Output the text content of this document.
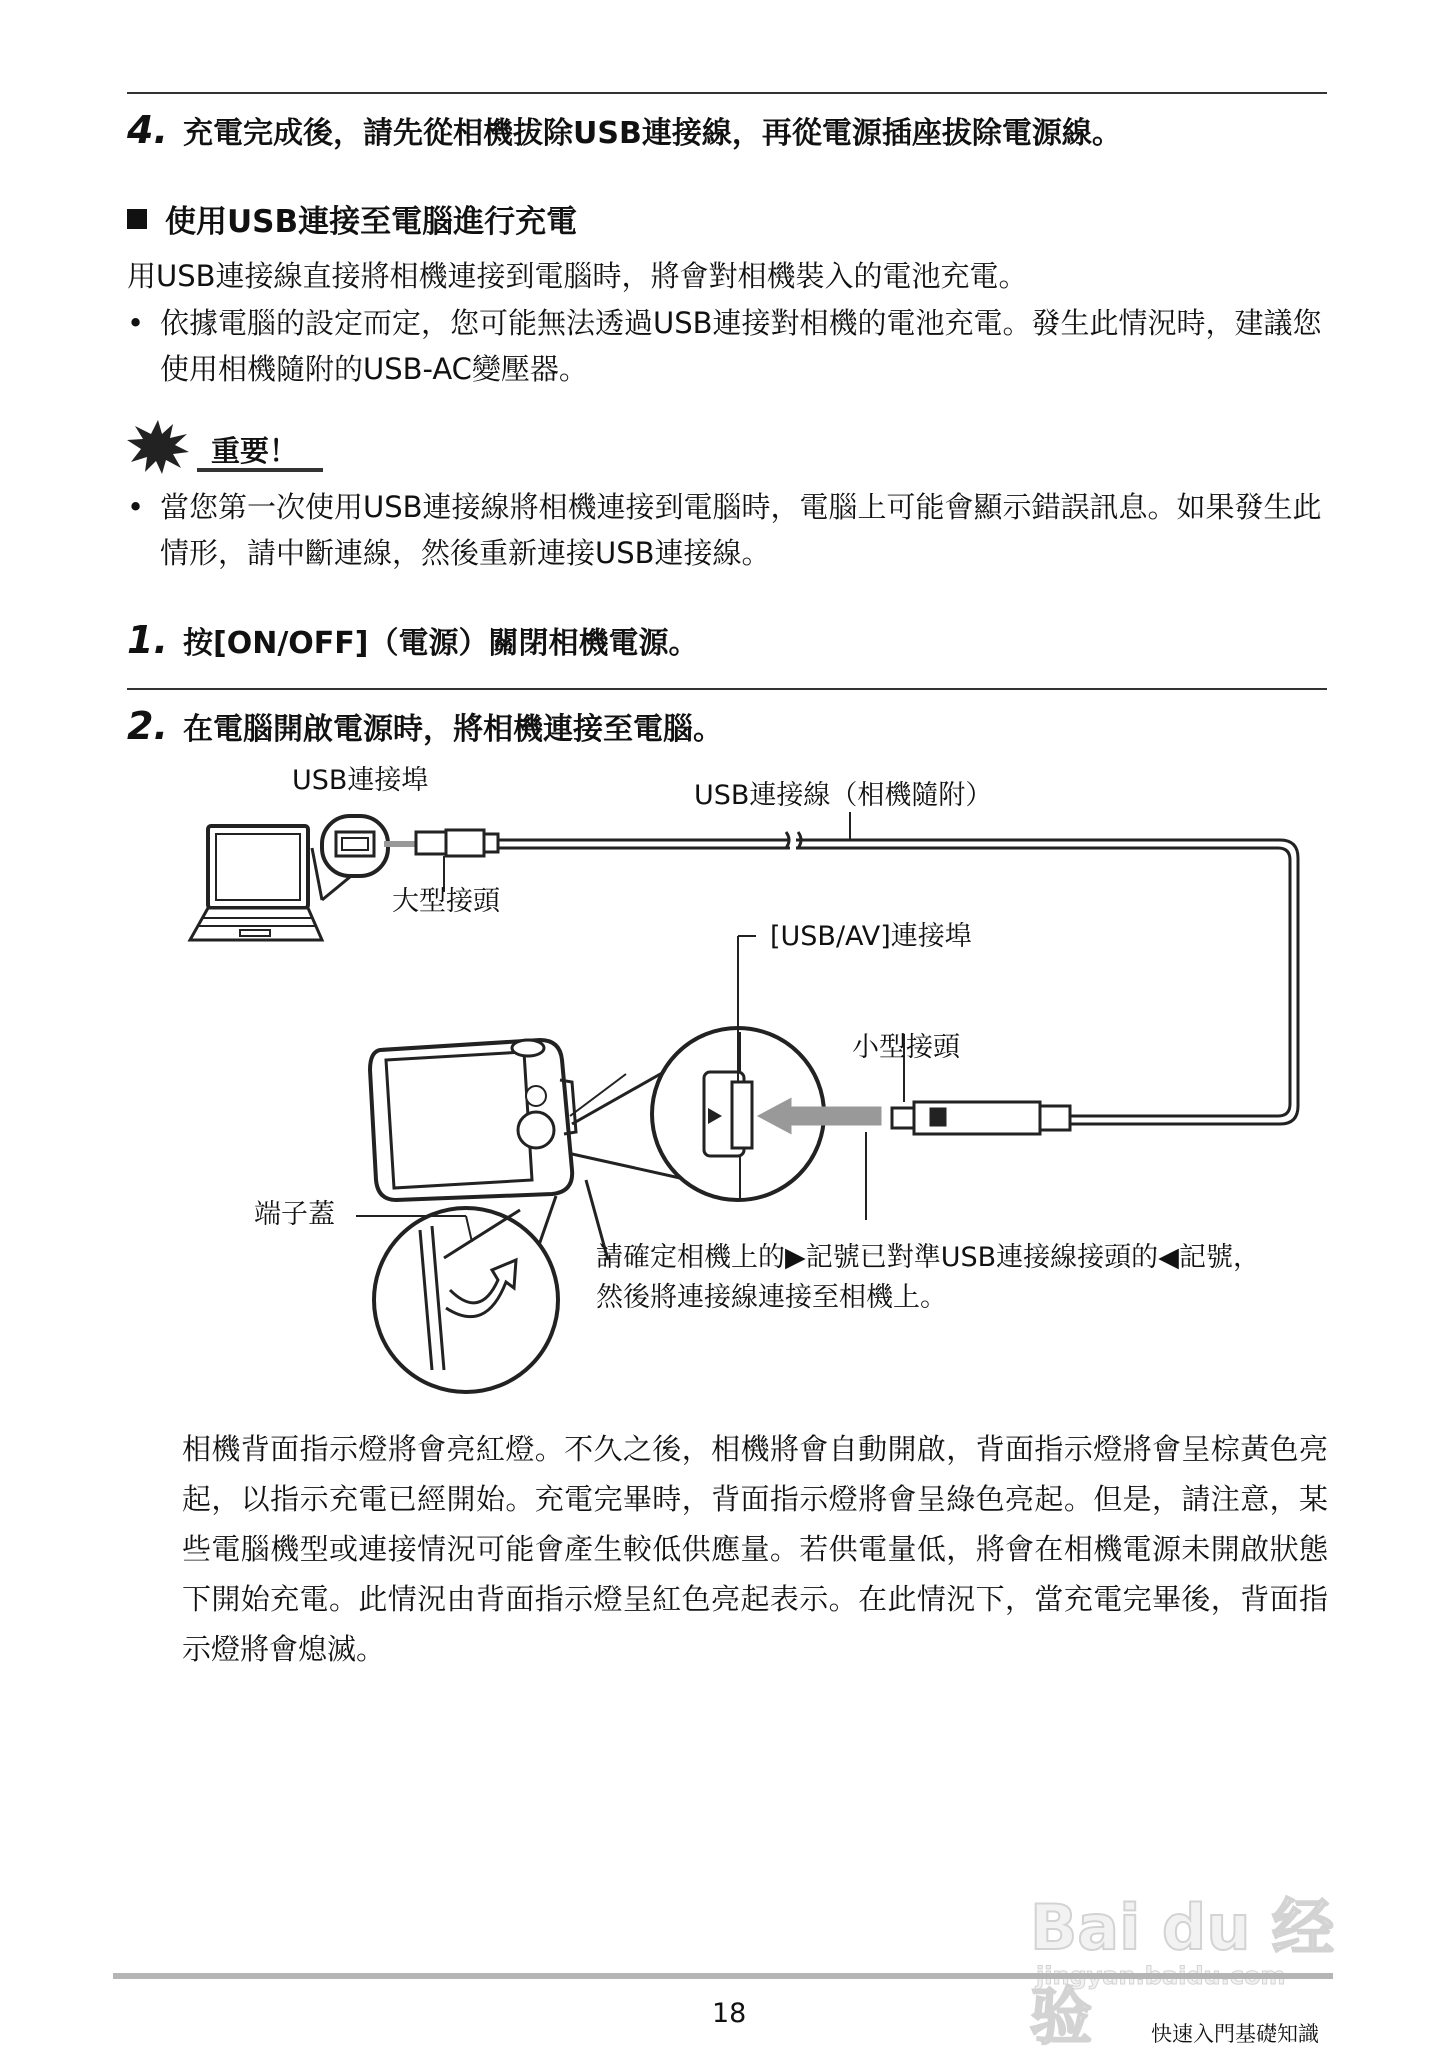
4. 充電完成後，請先從相機拔除USB連接線，再從電源插座拔除電源線。
使用USB連接至電腦進行充電
用USB連接線直接將相機連接到電腦時，將會對相機裝入的電池充電。
• 依據電腦的設定而定，您可能無法透過USB連接對相機的電池充電。發生此情況時，建議您使用相機隨附的USB-AC變壓器。
重要！
• 當您第一次使用USB連接線將相機連接到電腦時，電腦上可能會顯示錯誤訊息。如果發生此情形，請中斷連線，然後重新連接USB連接線。
1. 按[ON/OFF]（電源）關閉相機電源。
2. 在電腦開啟電源時，將相機連接至電腦。
USB連接埠	USB連接線（相機隨附）
大型接頭
[USB/AV]連接埠
小型接頭
端子蓋
請確定相機上的▶記號已對準USB連接線接頭的◀記號，
然後將連接線連接至相機上。
相機背面指示燈將會亮紅燈。不久之後，相機將會自動開啟，背面指示燈將會呈棕黃色亮起，以指示充電已經開始。充電完畢時，背面指示燈將會呈綠色亮起。但是，請注意，某些電腦機型或連接情況可能會產生較低供應量。若供電量低，將會在相機電源未開啟狀態下開始充電。此情況由背面指示燈呈紅色亮起表示。在此情況下，當充電完畢後，背面指示燈將會熄滅。
Bai du 经验
18
快速入門基礎知識
